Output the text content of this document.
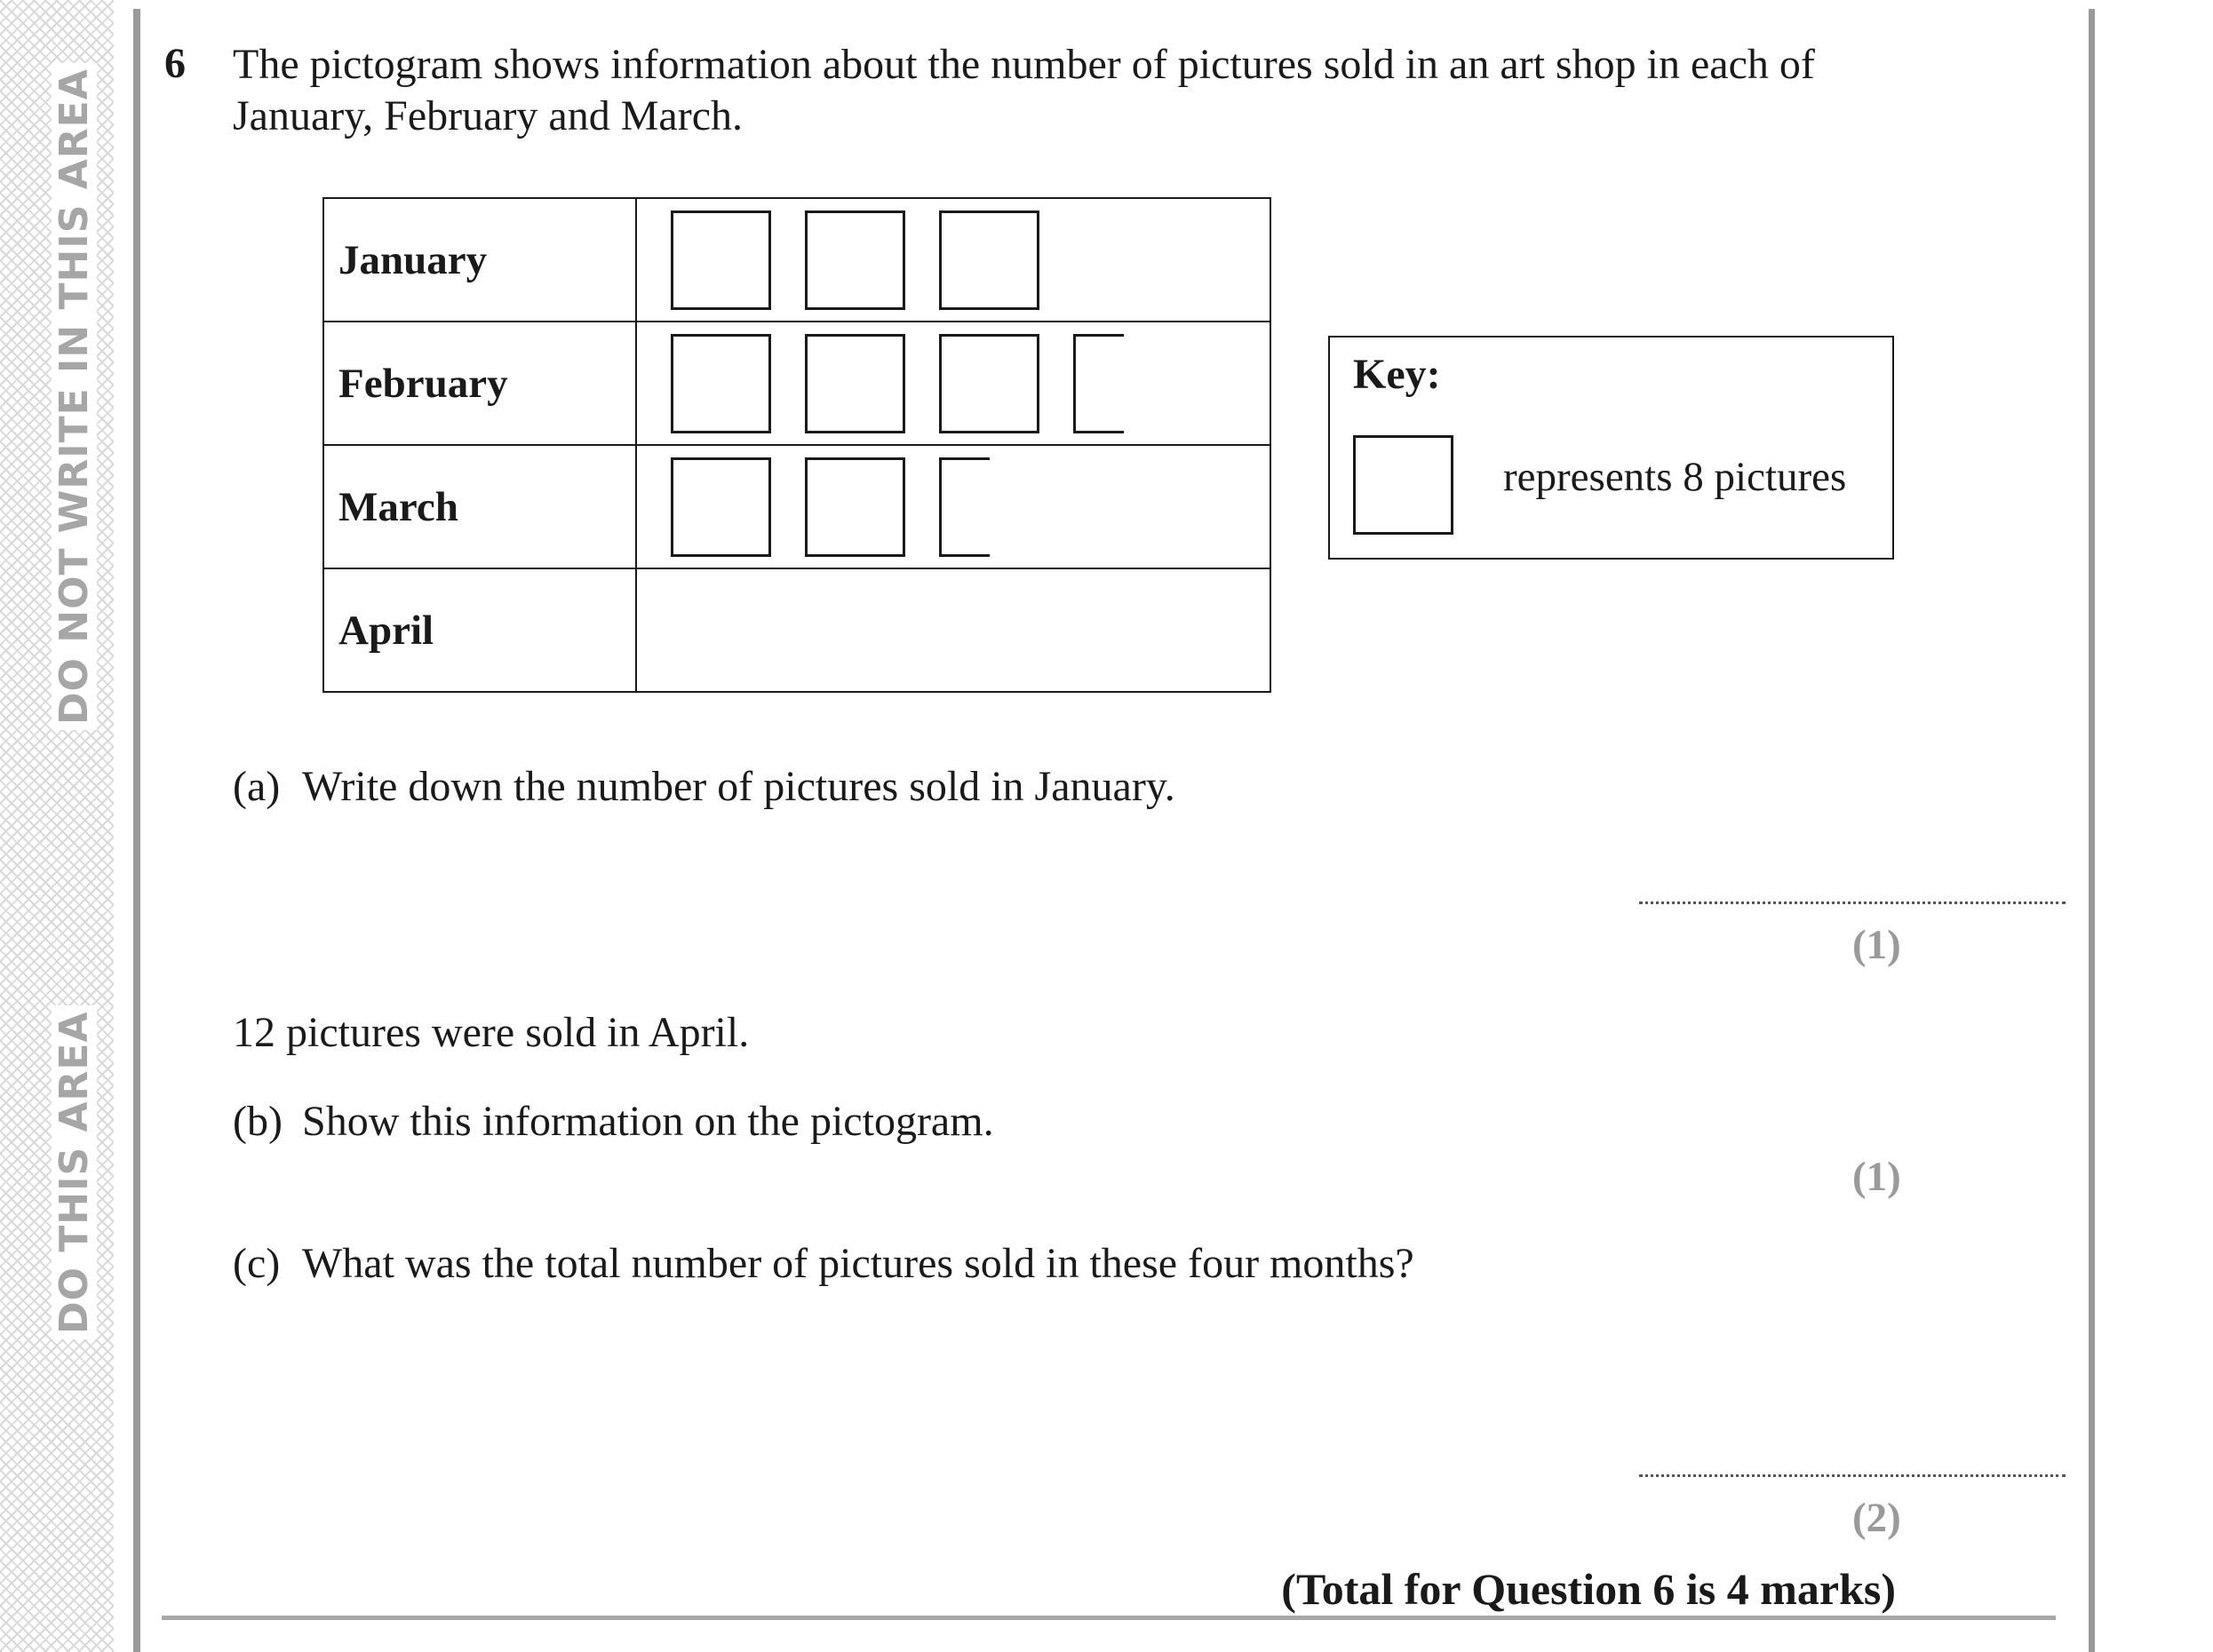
DO NOT WRITE IN THIS AREA
DO THIS AREA
6 The pictogram shows information about the number of pictures sold in an art shop in each of January, February and March.
January	

February	

March	

April	
Key:
represents 8 pictures
(a) Write down the number of pictures sold in January.
(1)
12 pictures were sold in April.
(b) Show this information on the pictogram.
(1)
(c) What was the total number of pictures sold in these four months?
(2)
(Total for Question 6 is 4 marks)
